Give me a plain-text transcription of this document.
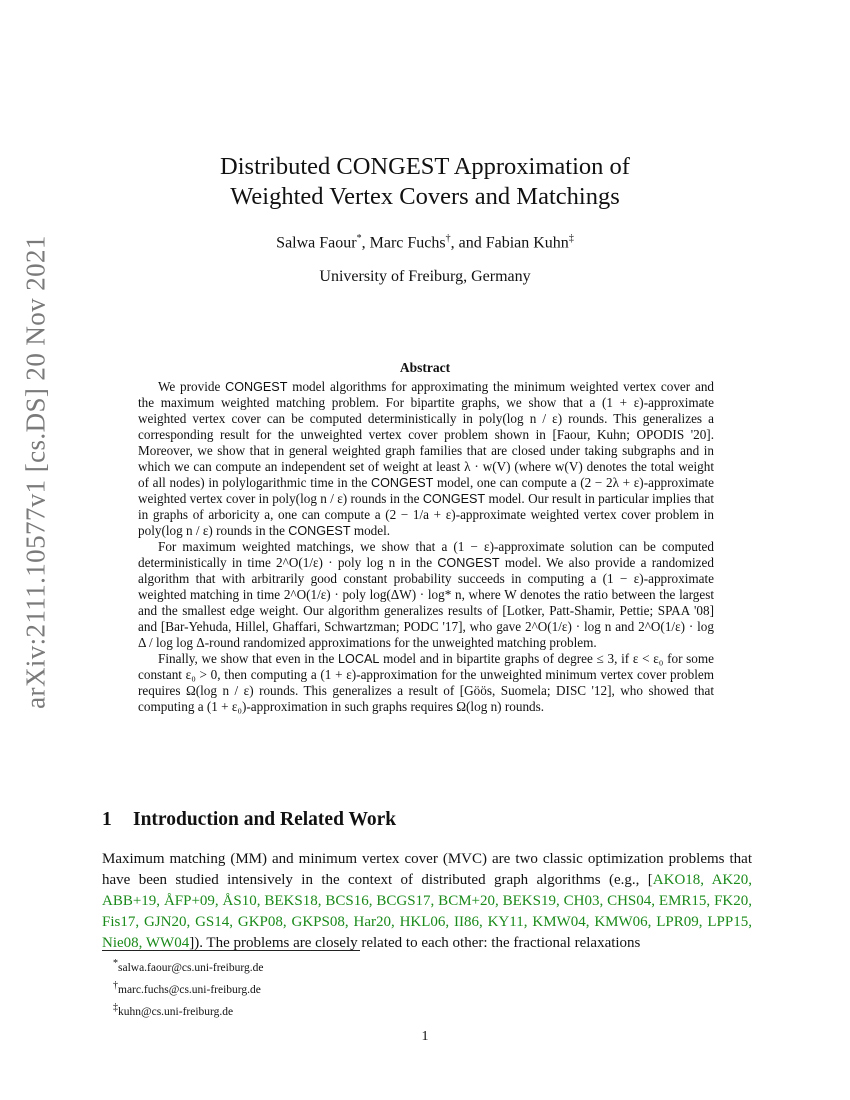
arXiv:2111.10577v1 [cs.DS] 20 Nov 2021
Distributed CONGEST Approximation of
Weighted Vertex Covers and Matchings
Salwa Faour*, Marc Fuchs†, and Fabian Kuhn‡
University of Freiburg, Germany
Abstract

We provide CONGEST model algorithms for approximating the minimum weighted vertex cover and the maximum weighted matching problem. For bipartite graphs, we show that a (1 + ε)-approximate weighted vertex cover can be computed deterministically in poly(log n / ε) rounds. This generalizes a corresponding result for the unweighted vertex cover problem shown in [Faour, Kuhn; OPODIS '20]. Moreover, we show that in general weighted graph families that are closed under taking subgraphs and in which we can compute an independent set of weight at least λ · w(V) (where w(V) denotes the total weight of all nodes) in polylogarithmic time in the CONGEST model, one can compute a (2 − 2λ + ε)-approximate weighted vertex cover in poly(log n / ε) rounds in the CONGEST model. Our result in particular implies that in graphs of arboricity a, one can compute a (2 − 1/a + ε)-approximate weighted vertex cover problem in poly(log n / ε) rounds in the CONGEST model.

For maximum weighted matchings, we show that a (1 − ε)-approximate solution can be computed deterministically in time 2^O(1/ε) · poly log n in the CONGEST model. We also provide a randomized algorithm that with arbitrarily good constant probability succeeds in computing a (1 − ε)-approximate weighted matching in time 2^O(1/ε) · poly log(ΔW) · log* n, where W denotes the ratio between the largest and the smallest edge weight. Our algorithm generalizes results of [Lotker, Patt-Shamir, Pettie; SPAA '08] and [Bar-Yehuda, Hillel, Ghaffari, Schwartzman; PODC '17], who gave 2^O(1/ε) · log n and 2^O(1/ε) · log Δ / log log Δ-round randomized approximations for the unweighted matching problem.

Finally, we show that even in the LOCAL model and in bipartite graphs of degree ≤ 3, if ε < ε₀ for some constant ε₀ > 0, then computing a (1 + ε)-approximation for the unweighted minimum vertex cover problem requires Ω(log n / ε) rounds. This generalizes a result of [Göös, Suomela; DISC '12], who showed that computing a (1 + ε₀)-approximation in such graphs requires Ω(log n) rounds.

1 Introduction and Related Work
Maximum matching (MM) and minimum vertex cover (MVC) are two classic optimization problems that have been studied intensively in the context of distributed graph algorithms (e.g., [AKO18, AK20, ABB+19, ÅFP+09, ÅS10, BEKS18, BCS16, BCGS17, BCM+20, BEKS19, CH03, CHS04, EMR15, FK20, Fis17, GJN20, GS14, GKP08, GKPS08, Har20, HKL06, II86, KY11, KMW04, KMW06, LPR09, LPP15, Nie08, WW04]). The problems are closely related to each other: the fractional relaxations
*salwa.faour@cs.uni-freiburg.de
†marc.fuchs@cs.uni-freiburg.de
‡kuhn@cs.uni-freiburg.de
1
